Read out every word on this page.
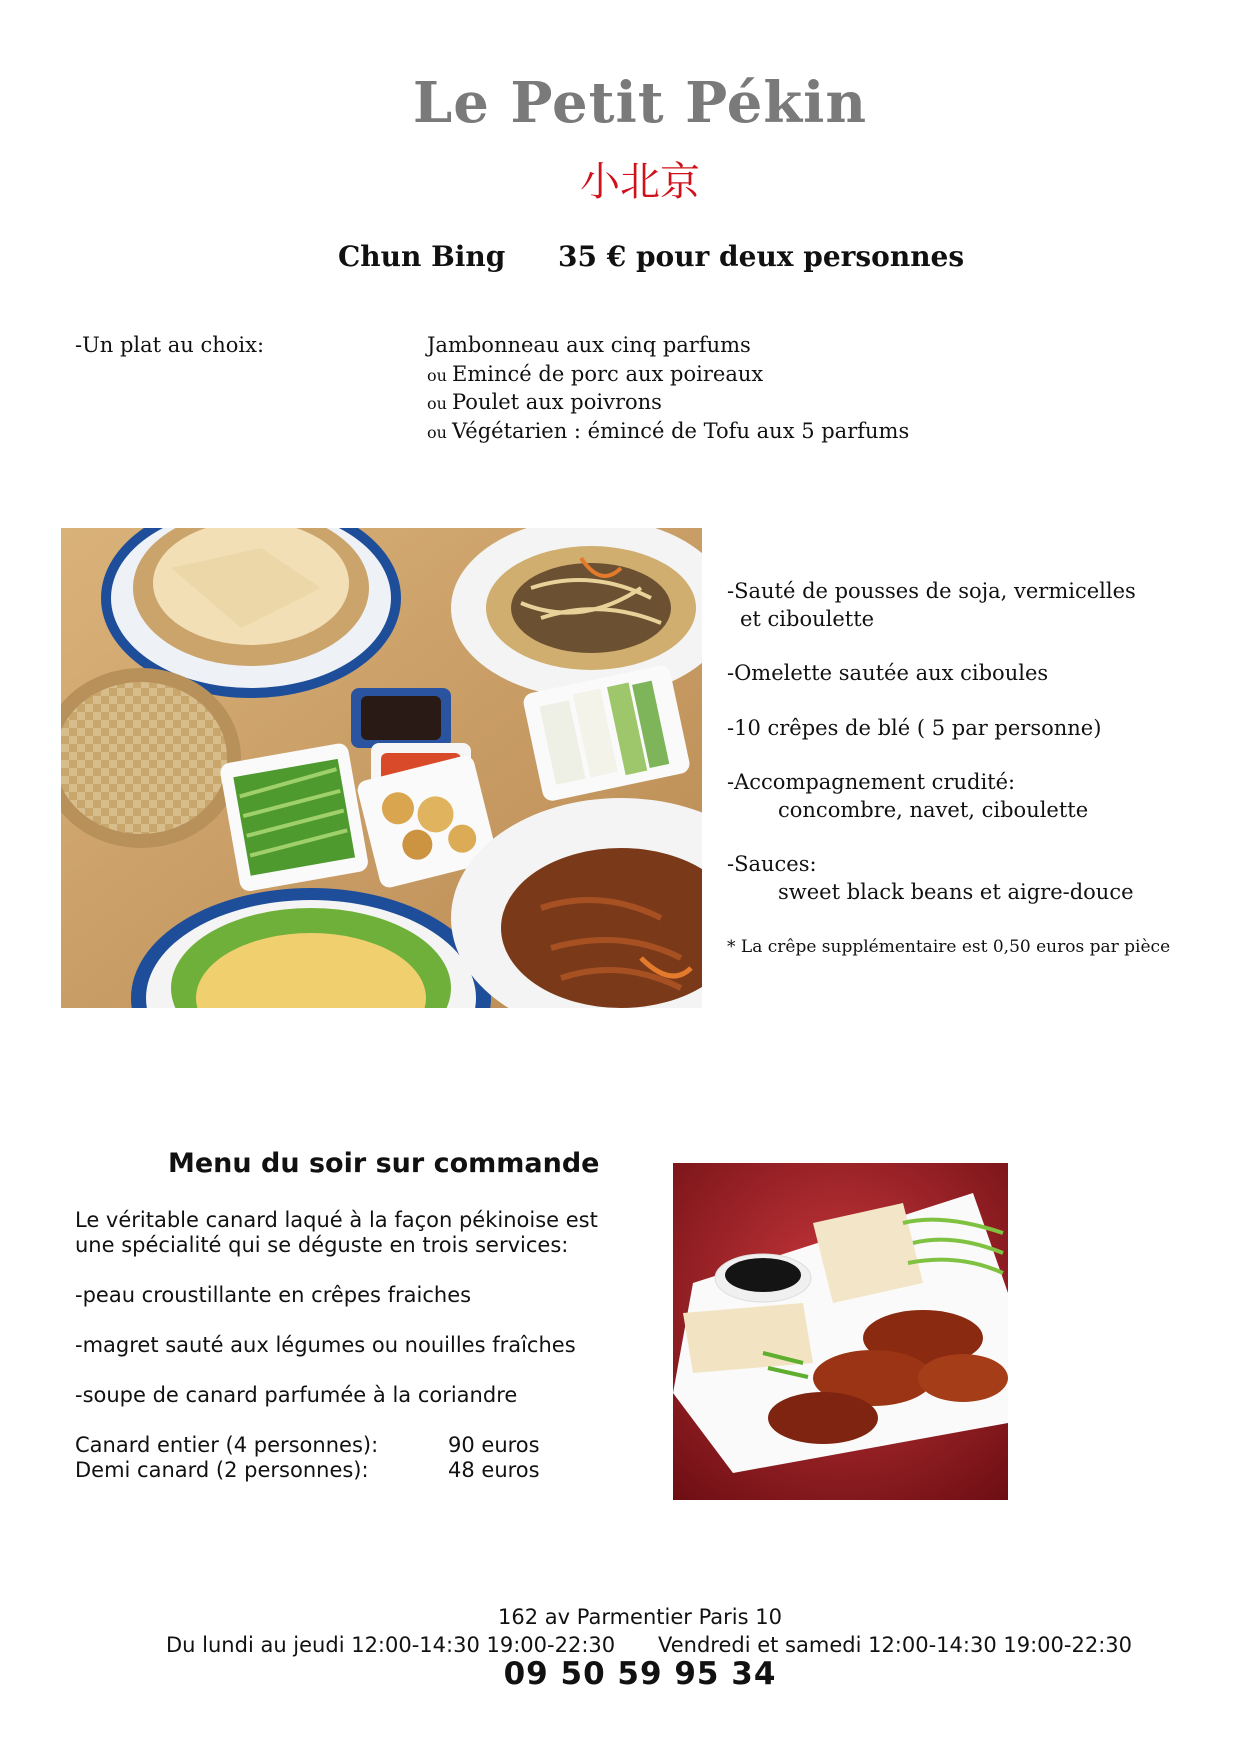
Le Petit Pékin
小北京
Chun Bing 35 € pour deux personnes
-Un plat au choix:	Jambonneau aux cinq parfums
ou Emincé de porc aux poireaux
ou Poulet aux poivrons
ou Végétarien : émincé de Tofu aux 5 parfums
-Sauté de pousses de soja, vermicelles
et ciboulette
-Omelette sautée aux ciboules
-10 crêpes de blé ( 5 par personne)
-Accompagnement crudité:
concombre, navet, ciboulette
-Sauces:
sweet black beans et aigre-douce
* La crêpe supplémentaire est 0,50 euros par pièce
Menu du soir sur commande
Le véritable canard laqué à la façon pékinoise est
une spécialité qui se déguste en trois services:
-peau croustillante en crêpes fraiches
-magret sauté aux légumes ou nouilles fraîches
-soupe de canard parfumée à la coriandre
Canard entier (4 personnes):	90 euros
Demi canard (2 personnes):	48 euros
162 av Parmentier Paris 10
Du lundi au jeudi 12:00-14:30 19:00-22:30 Vendredi et samedi 12:00-14:30 19:00-22:30
09 50 59 95 34
